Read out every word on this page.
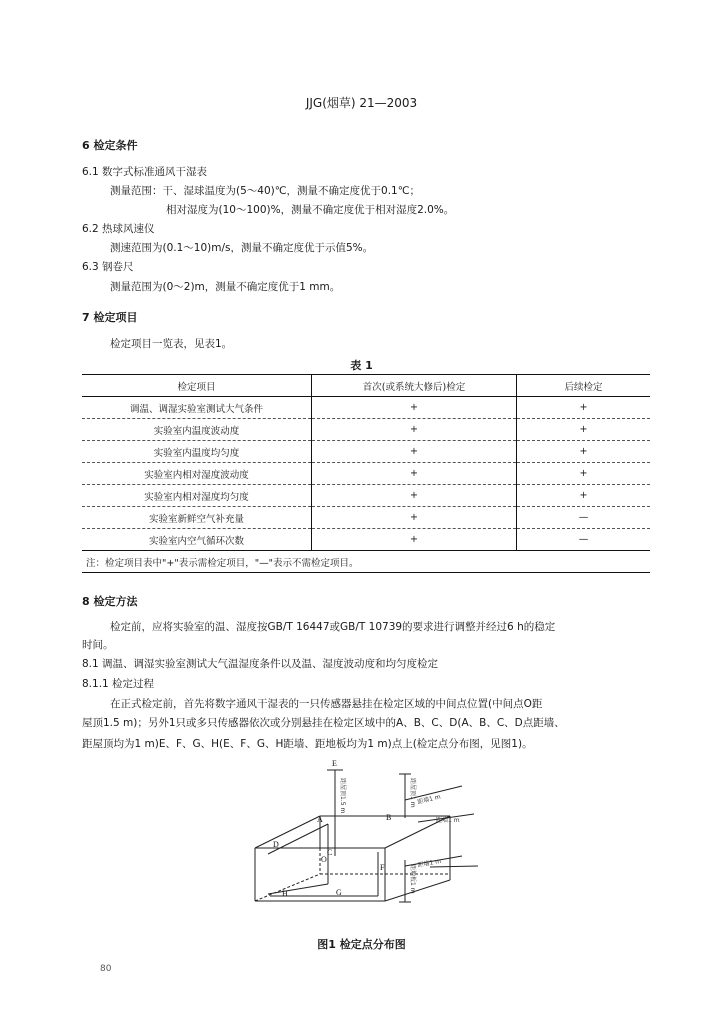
JJG(烟草) 21—2003
6 检定条件
6.1 数字式标准通风干湿表
测量范围：干、湿球温度为(5～40)℃，测量不确定度优于0.1℃；
相对湿度为(10～100)%，测量不确定度优于相对湿度2.0%。
6.2 热球风速仪
测速范围为(0.1～10)m/s，测量不确定度优于示值5%。
6.3 钢卷尺
测量范围为(0～2)m，测量不确定度优于1 mm。
7 检定项目
检定项目一览表，见表1。
表 1
检定项目	首次(或系统大修后)检定	后续检定
调温、调湿实验室测试大气条件	+	+
实验室内温度波动度	+	+
实验室内温度均匀度	+	+
实验室内相对湿度波动度	+	+
实验室内相对湿度均匀度	+	+
实验室新鲜空气补充量	+	—
实验室内空气循环次数	+	—
注：检定项目表中"+"表示需检定项目，"—"表示不需检定项目。		
8 检定方法
检定前，应将实验室的温、湿度按GB/T 16447或GB/T 10739的要求进行调整并经过6 h的稳定
时间。
8.1 调温、调湿实验室测试大气温湿度条件以及温、湿度波动度和均匀度检定
8.1.1 检定过程
在正式检定前，首先将数字通风干湿表的一只传感器悬挂在检定区域的中间点位置(中间点O距
屋顶1.5 m)；另外1只或多只传感器依次或分别悬挂在检定区域中的A、B、C、D(A、B、C、D点距墙、
距屋顶均为1 m)E、F、G、H(E、F、G、H距墙、距地板均为1 m)点上(检定点分布图，见图1)。
D
C
A	B
O
H	G
F
E
距屋顶1.5 m	距屋顶1 m
距地板1 m
距墙1 m
距墙1 m
距墙1 m
图1 检定点分布图
80
